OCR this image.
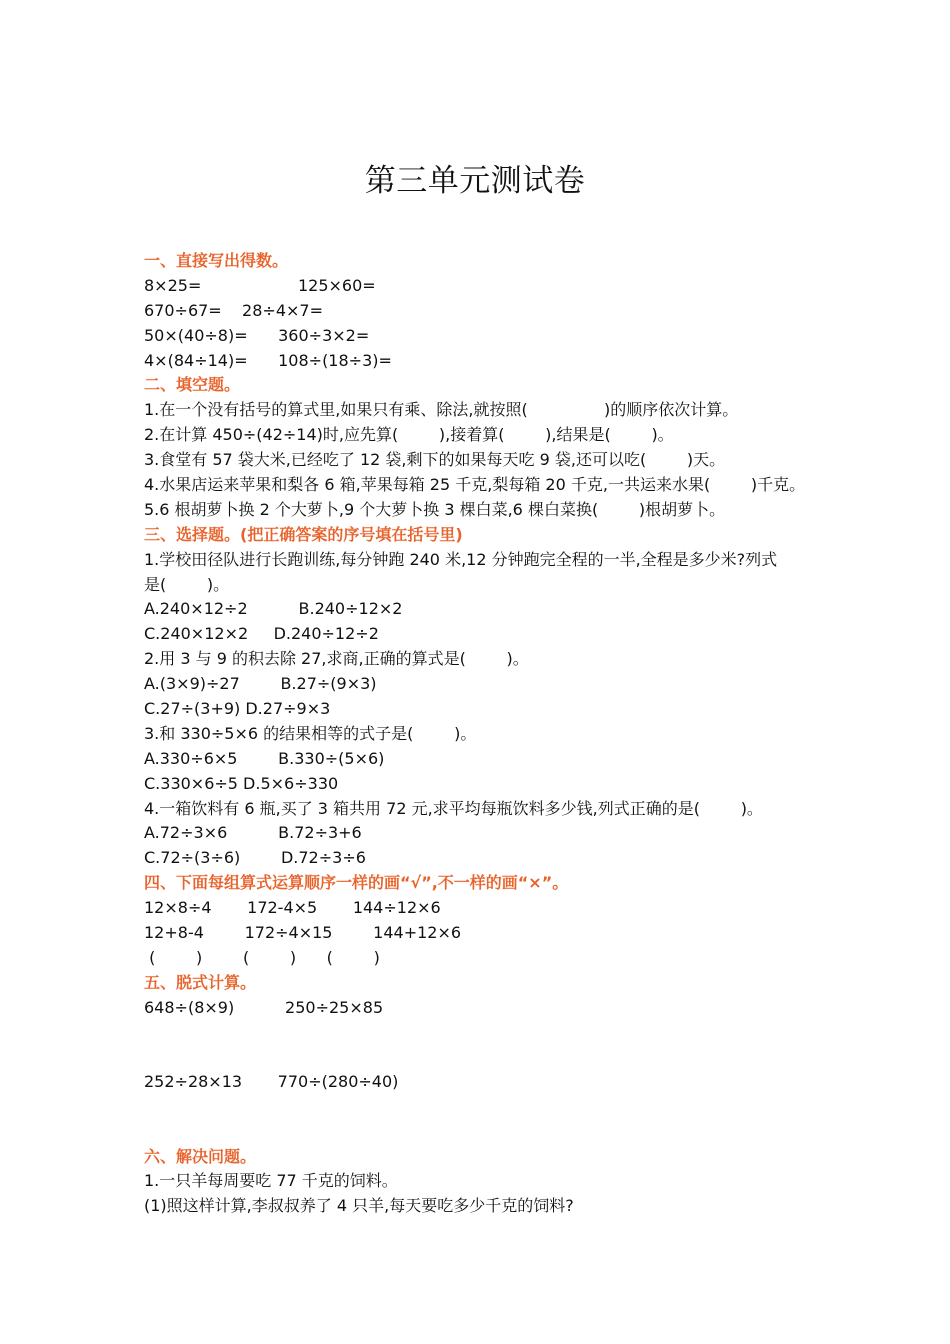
第三单元测试卷
一、直接写出得数。
8×25=                   125×60=
670÷67=    28÷4×7=
50×(40÷8)=      360÷3×2=
4×(84÷14)=      108÷(18÷3)=
二、填空题。
1.在一个没有括号的算式里,如果只有乘、除法,就按照(               )的顺序依次计算。
2.在计算 450÷(42÷14)时,应先算(        ),接着算(        ),结果是(        )。
3.食堂有 57 袋大米,已经吃了 12 袋,剩下的如果每天吃 9 袋,还可以吃(        )天。
4.水果店运来苹果和梨各 6 箱,苹果每箱 25 千克,梨每箱 20 千克,一共运来水果(        )千克。
5.6 根胡萝卜换 2 个大萝卜,9 个大萝卜换 3 棵白菜,6 棵白菜换(        )根胡萝卜。
三、选择题。(把正确答案的序号填在括号里)
1.学校田径队进行长跑训练,每分钟跑 240 米,12 分钟跑完全程的一半,全程是多少米?列式
是(        )。
A.240×12÷2          B.240÷12×2
C.240×12×2     D.240÷12÷2
2.用 3 与 9 的积去除 27,求商,正确的算式是(        )。
A.(3×9)÷27        B.27÷(9×3)
C.27÷(3+9) D.27÷9×3
3.和 330÷5×6 的结果相等的式子是(        )。
A.330÷6×5        B.330÷(5×6)
C.330×6÷5 D.5×6÷330
4.一箱饮料有 6 瓶,买了 3 箱共用 72 元,求平均每瓶饮料多少钱,列式正确的是(        )。
A.72÷3×6          B.72÷3+6
C.72÷(3÷6)        D.72÷3÷6
四、下面每组算式运算顺序一样的画“√”,不一样的画“×”。
12×8÷4       172-4×5       144÷12×6
12+8-4        172÷4×15        144+12×6
(        )        (        )      (        )
五、脱式计算。
648÷(8×9)          250÷25×85
252÷28×13       770÷(280÷40)
六、解决问题。
1.一只羊每周要吃 77 千克的饲料。
(1)照这样计算,李叔叔养了 4 只羊,每天要吃多少千克的饲料?
